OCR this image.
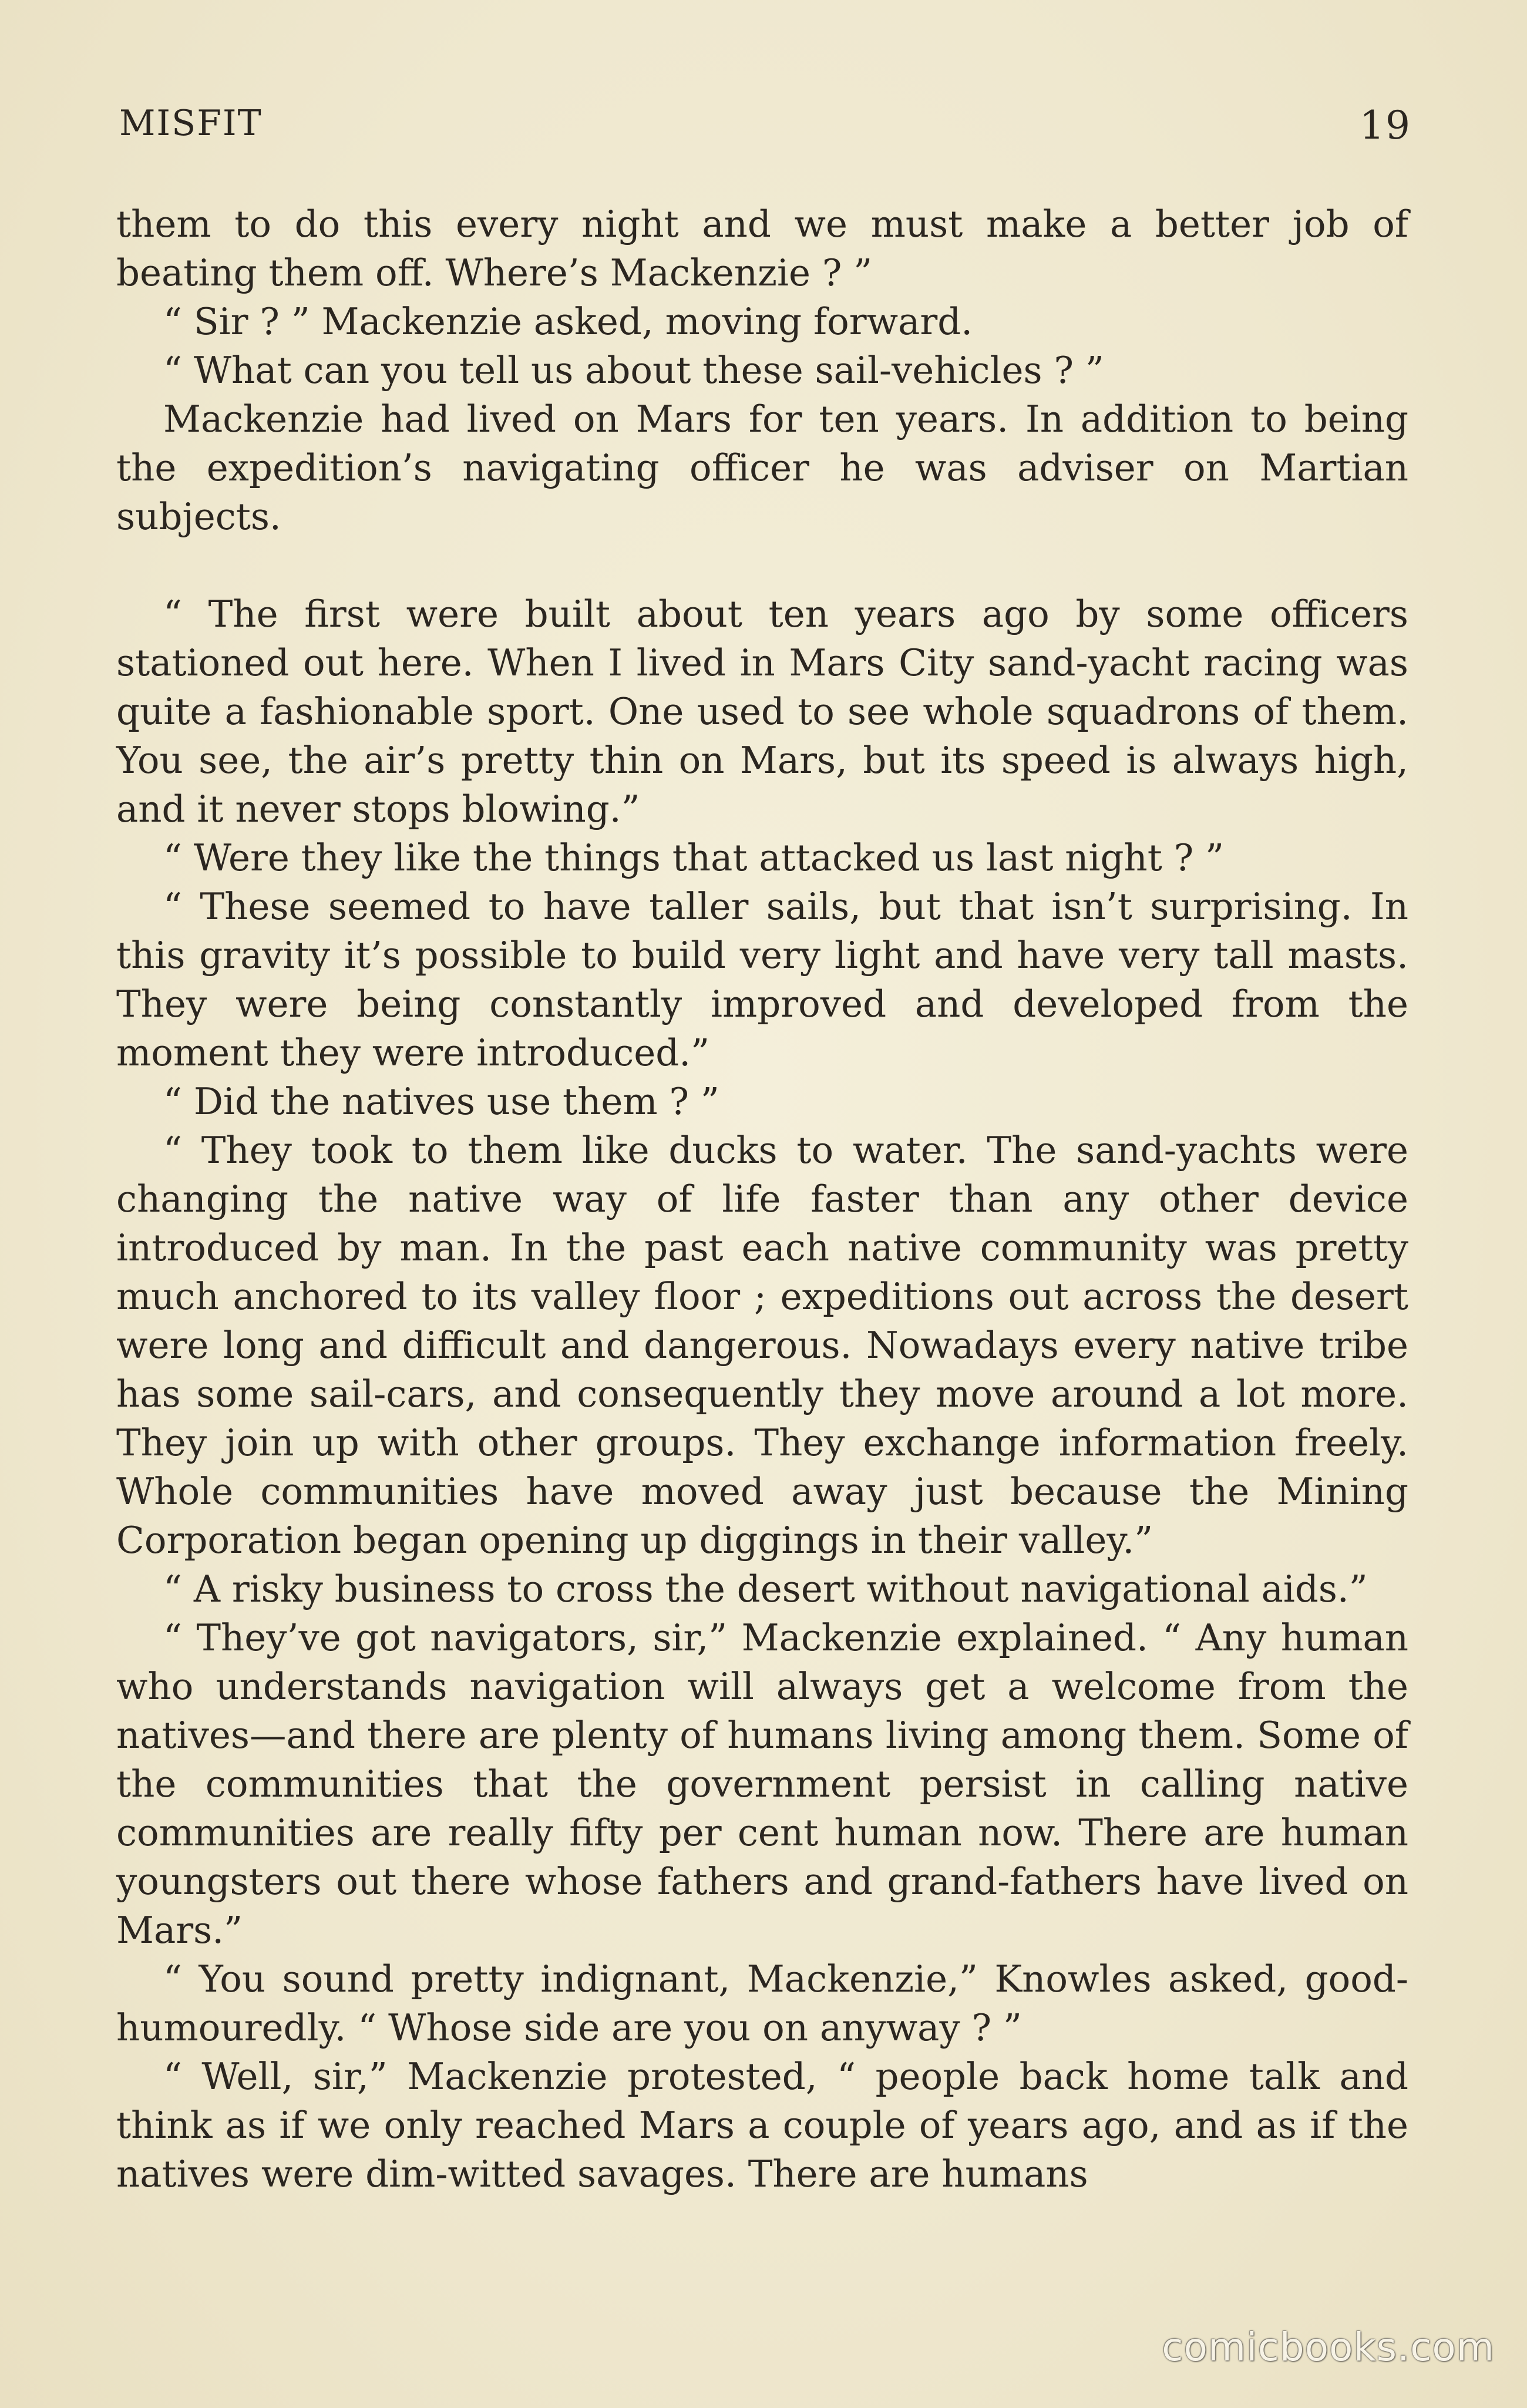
MISFIT	19

them to do this every night and we must make a better job of beating them off. Where’s Mackenzie ? ”

“ Sir ? ” Mackenzie asked, moving forward.

“ What can you tell us about these sail-vehicles ? ”

Mackenzie had lived on Mars for ten years. In addition to being the expedition’s navigating officer he was adviser on Martian subjects.

“ The first were built about ten years ago by some officers stationed out here. When I lived in Mars City sand-yacht racing was quite a fashionable sport. One used to see whole squadrons of them. You see, the air’s pretty thin on Mars, but its speed is always high, and it never stops blowing.”

“ Were they like the things that attacked us last night ? ”

“ These seemed to have taller sails, but that isn’t surprising. In this gravity it’s possible to build very light and have very tall masts. They were being constantly improved and developed from the moment they were introduced.”

“ Did the natives use them ? ”

“ They took to them like ducks to water. The sand-yachts were changing the native way of life faster than any other device introduced by man. In the past each native community was pretty much anchored to its valley floor ; expeditions out across the desert were long and difficult and dangerous. Nowadays every native tribe has some sail-cars, and consequently they move around a lot more. They join up with other groups. They exchange information freely. Whole communities have moved away just because the Mining Corporation began opening up diggings in their valley.”

“ A risky business to cross the desert without navigational aids.”

“ They’ve got navigators, sir,” Mackenzie explained. “ Any human who understands navigation will always get a welcome from the natives—and there are plenty of humans living among them. Some of the communities that the government persist in calling native communities are really fifty per cent human now. There are human youngsters out there whose fathers and grand-fathers have lived on Mars.”

“ You sound pretty indignant, Mackenzie,” Knowles asked, good-humouredly. “ Whose side are you on anyway ? ”

“ Well, sir,” Mackenzie protested, “ people back home talk and think as if we only reached Mars a couple of years ago, and as if the natives were dim-witted savages. There are humans

comicbooks.com
